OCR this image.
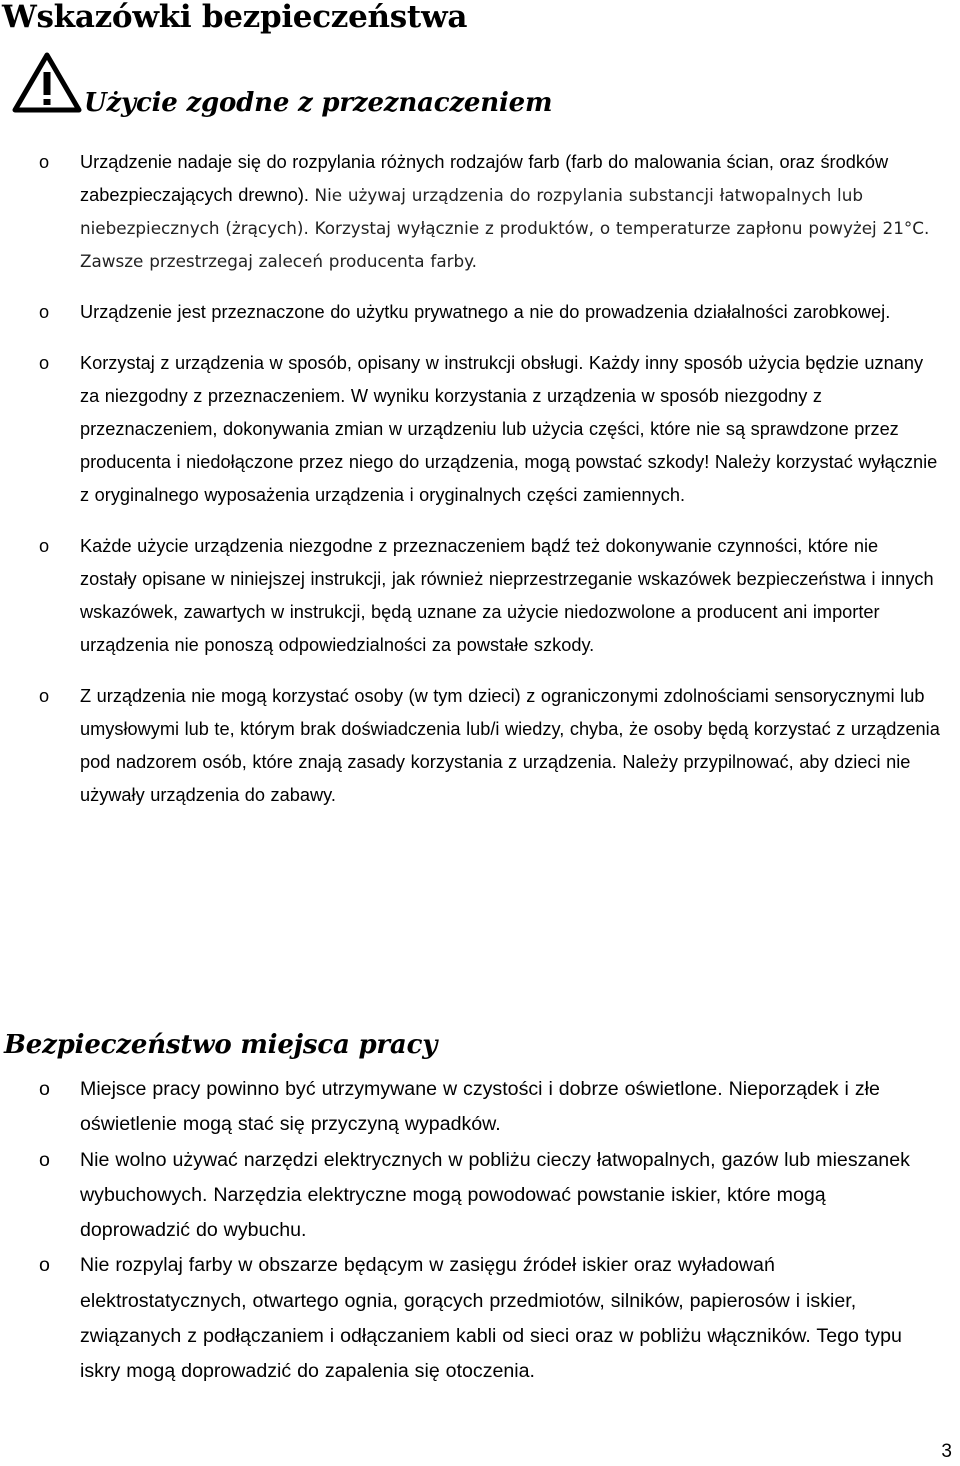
Wskazówki bezpieczeństwa
Użycie zgodne z przeznaczeniem
o Urządzenie nadaje się do rozpylania różnych rodzajów farb (farb do malowania ścian, oraz środków zabezpieczających drewno). Nie używaj urządzenia do rozpylania substancji łatwopalnych lub niebezpiecznych (żrących). Korzystaj wyłącznie z produktów, o temperaturze zapłonu powyżej 21°C. Zawsze przestrzegaj zaleceń producenta farby.
o Urządzenie jest przeznaczone do użytku prywatnego a nie do prowadzenia działalności zarobkowej.
o Korzystaj z urządzenia w sposób, opisany w instrukcji obsługi. Każdy inny sposób użycia będzie uznany za niezgodny z przeznaczeniem. W wyniku korzystania z urządzenia w sposób niezgodny z przeznaczeniem, dokonywania zmian w urządzeniu lub użycia części, które nie są sprawdzone przez producenta i niedołączone przez niego do urządzenia, mogą powstać szkody! Należy korzystać wyłącznie z oryginalnego wyposażenia urządzenia i oryginalnych części zamiennych.
o Każde użycie urządzenia niezgodne z przeznaczeniem bądź też dokonywanie czynności, które nie zostały opisane w niniejszej instrukcji, jak również nieprzestrzeganie wskazówek bezpieczeństwa i innych wskazówek, zawartych w instrukcji, będą uznane za użycie niedozwolone a producent ani importer urządzenia nie ponoszą odpowiedzialności za powstałe szkody.
o Z urządzenia nie mogą korzystać osoby (w tym dzieci) z ograniczonymi zdolnościami sensorycznymi lub umysłowymi lub te, którym brak doświadczenia lub/i wiedzy, chyba, że osoby będą korzystać z urządzenia pod nadzorem osób, które znają zasady korzystania z urządzenia. Należy przypilnować, aby dzieci nie używały urządzenia do zabawy.
Bezpieczeństwo miejsca pracy
o Miejsce pracy powinno być utrzymywane w czystości i dobrze oświetlone. Nieporządek i złe oświetlenie mogą stać się przyczyną wypadków.
o Nie wolno używać narzędzi elektrycznych w pobliżu cieczy łatwopalnych, gazów lub mieszanek wybuchowych. Narzędzia elektryczne mogą powodować powstanie iskier, które mogą doprowadzić do wybuchu.
o Nie rozpylaj farby w obszarze będącym w zasięgu źródeł iskier oraz wyładowań elektrostatycznych, otwartego ognia, gorących przedmiotów, silników, papierosów i iskier, związanych z podłączaniem i odłączaniem kabli od sieci oraz w pobliżu włączników. Tego typu iskry mogą doprowadzić do zapalenia się otoczenia.
3
